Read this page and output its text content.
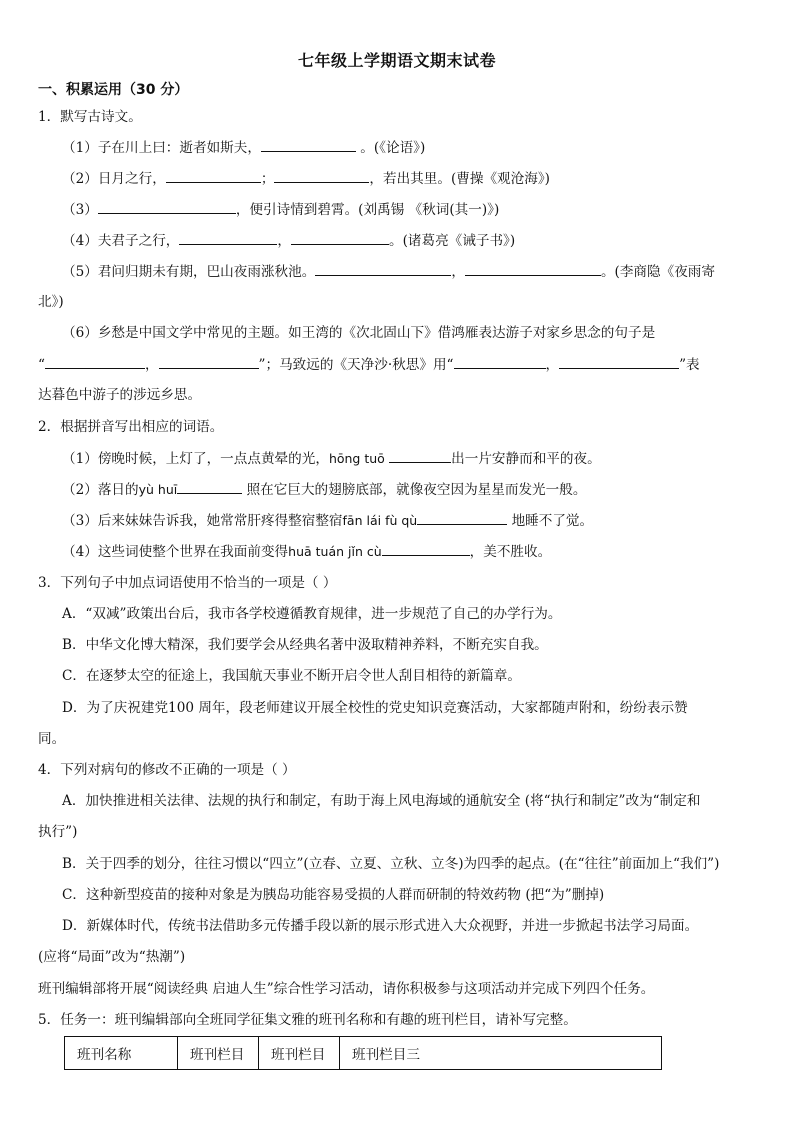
七年级上学期语文期末试卷
一、积累运用（30 分）
1．默写古诗文。
（1）子在川上曰：逝者如斯夫，	。(《论语》)
（2）日月之行，	；	，若出其里。(曹操《观沧海》)
（3）	，便引诗情到碧霄。(刘禹锡 《秋词(其一)》)
（4）夫君子之行，	，	。(诸葛亮《诫子书》)
（5）君问归期未有期，巴山夜雨涨秋池。	，	。(李商隐《夜雨寄
北》)
（6）乡愁是中国文学中常见的主题。如王湾的《次北固山下》借鸿雁表达游子对家乡思念的句子是
“	，	”；马致远的《天净沙·秋思》用“	，	”表
达暮色中游子的涉远乡思。
2．根据拼音写出相应的词语。
（1）傍晚时候，上灯了，一点点黄晕的光，hōng tuō	出一片安静而和平的夜。
（2）落日的yù huī	照在它巨大的翅膀底部，就像夜空因为星星而发光一般。
（3）后来妹妹告诉我，她常常肝疼得整宿整宿fān lái fù qù	地睡不了觉。
（4）这些词使整个世界在我面前变得huā tuán jǐn cù	，美不胜收。
3．下列句子中加点词语使用不恰当的一项是（ ）
A．“双减”政策出台后，我市各学校遵循教育规律，进一步规范了自己的办学行为。
B．中华文化博大精深，我们要学会从经典名著中汲取精神养料，不断充实自我。
C．在逐梦太空的征途上，我国航天事业不断开启令世人刮目相待的新篇章。
D．为了庆祝建党100 周年，段老师建议开展全校性的党史知识竞赛活动，大家都随声附和，纷纷表示赞
同。
4．下列对病句的修改不正确的一项是（ ）
A．加快推进相关法律、法规的执行和制定，有助于海上风电海域的通航安全 (将“执行和制定”改为“制定和
执行”)
B．关于四季的划分，往往习惯以“四立”(立春、立夏、立秋、立冬)为四季的起点。(在“往往”前面加上“我们”)
C．这种新型疫苗的接种对象是为胰岛功能容易受损的人群而研制的特效药物 (把“为”删掉)
D．新媒体时代，传统书法借助多元传播手段以新的展示形式进入大众视野，并进一步掀起书法学习局面。
(应将“局面”改为“热潮”)
班刊编辑部将开展“阅读经典 启迪人生”综合性学习活动，请你积极参与这项活动并完成下列四个任务。
5．任务一：班刊编辑部向全班同学征集文雅的班刊名称和有趣的班刊栏目，请补写完整。
班刊名称	班刊栏目	班刊栏目	班刊栏目三
